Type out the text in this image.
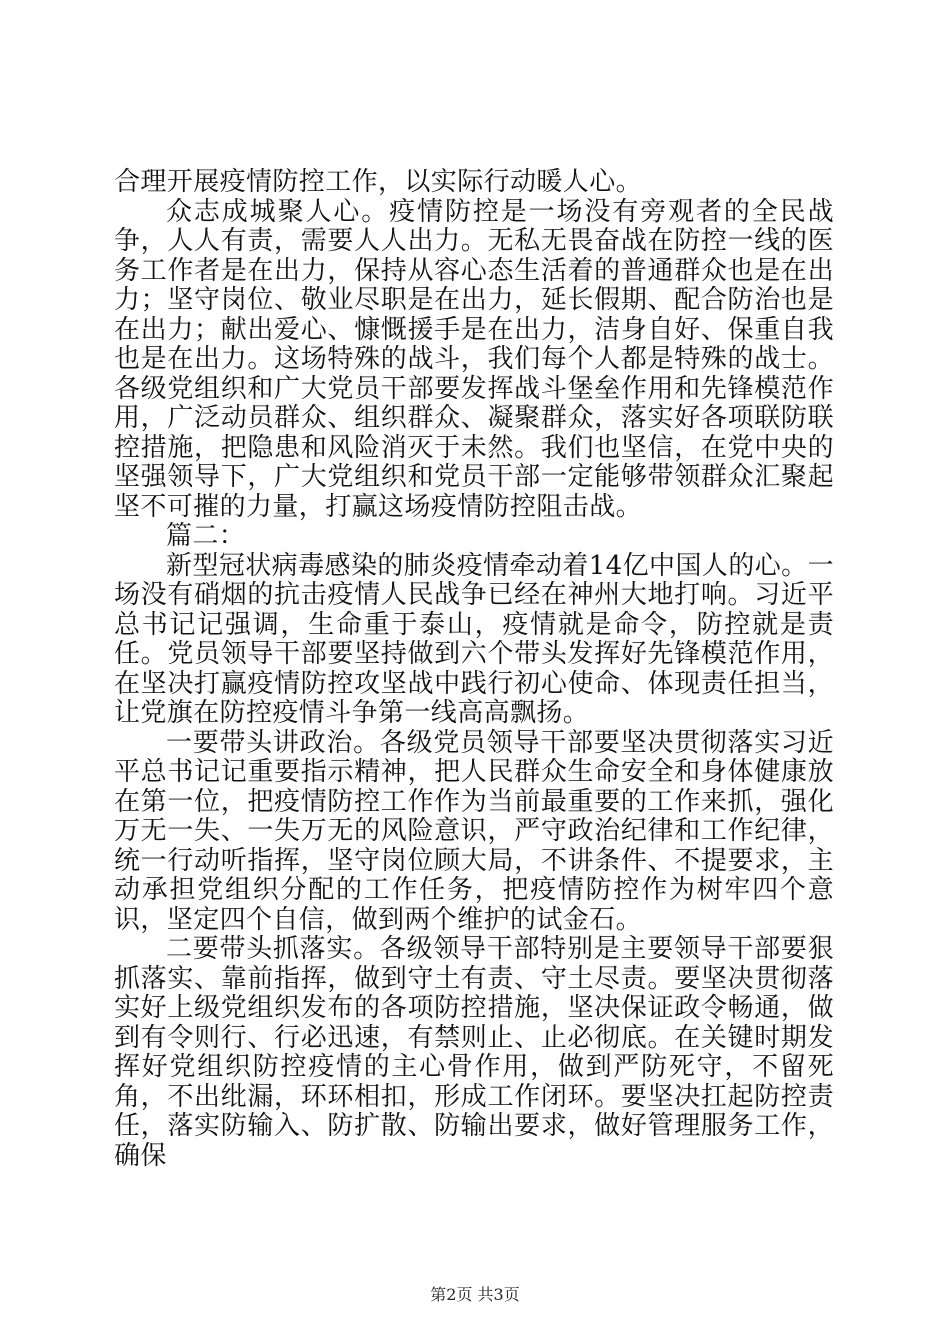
合理开展疫情防控工作，以实际行动暖人心。

众志成城聚人心。疫情防控是一场没有旁观者的全民战争，人人有责，需要人人出力。无私无畏奋战在防控一线的医务工作者是在出力，保持从容心态生活着的普通群众也是在出力；坚守岗位、敬业尽职是在出力，延长假期、配合防治也是在出力；献出爱心、慷慨援手是在出力，洁身自好、保重自我也是在出力。这场特殊的战斗，我们每个人都是特殊的战士。各级党组织和广大党员干部要发挥战斗堡垒作用和先锋模范作用，广泛动员群众、组织群众、凝聚群众，落实好各项联防联控措施，把隐患和风险消灭于未然。我们也坚信，在党中央的坚强领导下，广大党组织和党员干部一定能够带领群众汇聚起坚不可摧的力量，打赢这场疫情防控阻击战。

篇二：

新型冠状病毒感染的肺炎疫情牵动着14亿中国人的心。一场没有硝烟的抗击疫情人民战争已经在神州大地打响。习近平总书记记强调，生命重于泰山，疫情就是命令，防控就是责任。党员领导干部要坚持做到六个带头发挥好先锋模范作用，在坚决打赢疫情防控攻坚战中践行初心使命、体现责任担当，让党旗在防控疫情斗争第一线高高飘扬。

一要带头讲政治。各级党员领导干部要坚决贯彻落实习近平总书记记重要指示精神，把人民群众生命安全和身体健康放在第一位，把疫情防控工作作为当前最重要的工作来抓，强化万无一失、一失万无的风险意识，严守政治纪律和工作纪律，统一行动听指挥，坚守岗位顾大局，不讲条件、不提要求，主动承担党组织分配的工作任务，把疫情防控作为树牢四个意识，坚定四个自信，做到两个维护的试金石。

二要带头抓落实。各级领导干部特别是主要领导干部要狠抓落实、靠前指挥，做到守土有责、守土尽责。要坚决贯彻落实好上级党组织发布的各项防控措施，坚决保证政令畅通，做到有令则行、行必迅速，有禁则止、止必彻底。在关键时期发挥好党组织防控疫情的主心骨作用，做到严防死守，不留死角，不出纰漏，环环相扣，形成工作闭环。要坚决扛起防控责任，落实防输入、防扩散、防输出要求，做好管理服务工作，确保

第2页 共3页
